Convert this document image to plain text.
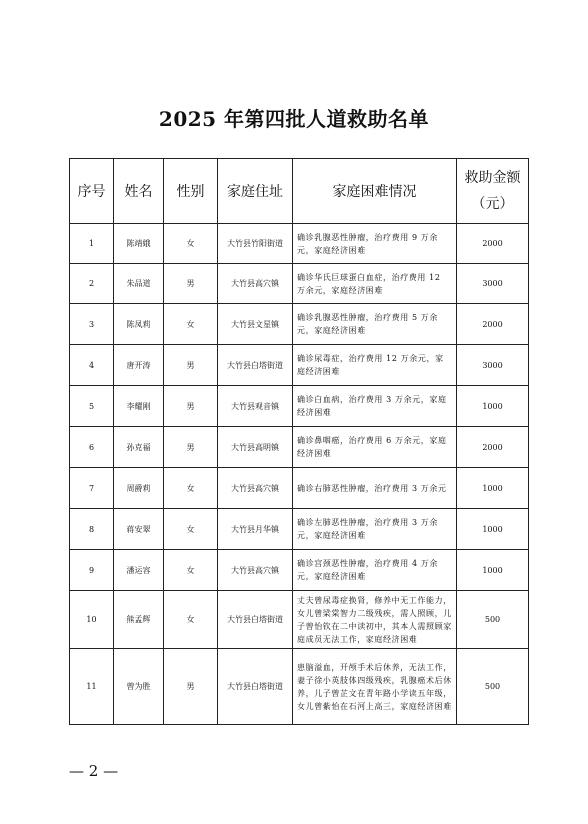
2025 年第四批人道救助名单
序号	姓名	性别	家庭住址	家庭困难情况	救助金额（元）
1	陈靖娥	女	大竹县竹阳街道	确诊乳腺恶性肿瘤，治疗费用 9 万余元，家庭经济困难	2000
2	朱品道	男	大竹县高穴镇	确诊华氏巨球蛋白血症，治疗费用 12 万余元，家庭经济困难	3000
3	陈凤莉	女	大竹县文星镇	确诊乳腺恶性肿瘤，治疗费用 5 万余元，家庭经济困难	2000
4	唐开涛	男	大竹县白塔街道	确诊尿毒症，治疗费用 12 万余元，家庭经济困难	3000
5	李耀刚	男	大竹县观音镇	确诊白血病，治疗费用 3 万余元，家庭经济困难	1000
6	孙克福	男	大竹县高明镇	确诊鼻咽癌，治疗费用 6 万余元，家庭经济困难	2000
7	周爵莉	女	大竹县高穴镇	确诊右肺恶性肿瘤，治疗费用 3 万余元	1000
8	蒋安翠	女	大竹县月华镇	确诊左肺恶性肿瘤，治疗费用 3 万余元，家庭经济困难	1000
9	潘运容	女	大竹县高穴镇	确诊宫颈恶性肿瘤，治疗费用 4 万余元，家庭经济困难	1000
10	熊孟辉	女	大竹县白塔街道	丈夫曾尿毒症换肾，修养中无工作能力，女儿曾梁棠智力二级残疾，需人照顾，儿子曾怡钦在二中读初中，其本人需照顾家庭成员无法工作，家庭经济困难	500
11	曾为胜	男	大竹县白塔街道	患脑溢血，开颅手术后休养，无法工作，妻子徐小英肢体四级残疾，乳腺癌术后休养，儿子曾芷文在青年路小学读五年级，女儿曾紫怡在石河上高三，家庭经济困难	500
— 2 —
